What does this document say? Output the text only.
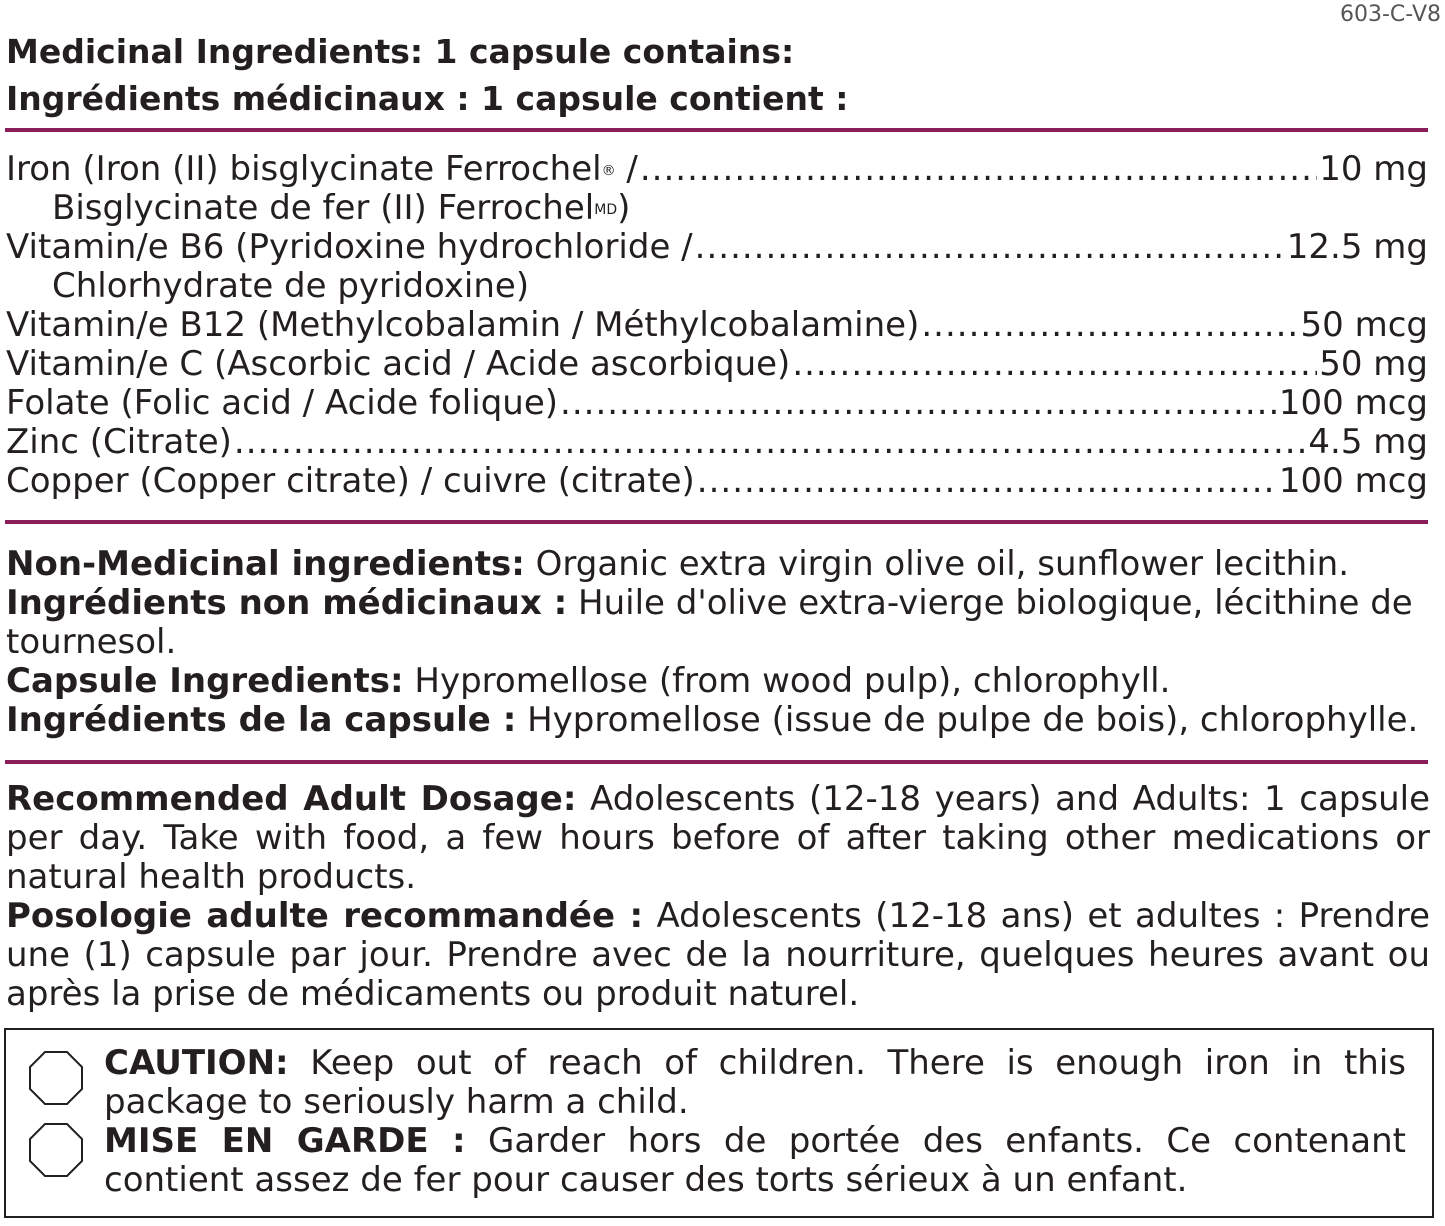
603-C-V8
Medicinal Ingredients: 1 capsule contains:
Ingrédients médicinaux : 1 capsule contient :
Iron (Iron (II) bisglycinate Ferrochel® / .....	10 mg
Bisglycinate de fer (II) Ferrochel$^{MD}$)
Vitamin/e B6 (Pyridoxine hydrochloride / .....	12.5 mg
Chlorhydrate de pyridoxine)
Vitamin/e B12 (Methylcobalamin / Méthylcobalamine) .....	50 mcg
Vitamin/e C (Ascorbic acid / Acide ascorbique) .....	50 mg
Folate (Folic acid / Acide folique) .....	100 mcg
Zinc (Citrate) .....	4.5 mg
Copper (Copper citrate) / cuivre (citrate) .....	100 mcg

Non-Medicinal ingredients: Organic extra virgin olive oil, sunflower lecithin.

Ingrédients non médicinaux : Huile d'olive extra-vierge biologique, lécithine de tournesol.

Capsule Ingredients: Hypromellose (from wood pulp), chlorophyll.

Ingrédients de la capsule : Hypromellose (issue de pulpe de bois), chlorophylle.

Recommended Adult Dosage: Adolescents (12-18 years) and Adults: 1 capsule per day. Take with food, a few hours before of after taking other medications or natural health products.

Posologie adulte recommandée : Adolescents (12-18 ans) et adultes : Prendre une (1) capsule par jour. Prendre avec de la nourriture, quelques heures avant ou après la prise de médicaments ou produit naturel.

CAUTION: Keep out of reach of children. There is enough iron in this package to seriously harm a child.
MISE EN GARDE : Garder hors de portée des enfants. Ce contenant contient assez de fer pour causer des torts sérieux à un enfant.
